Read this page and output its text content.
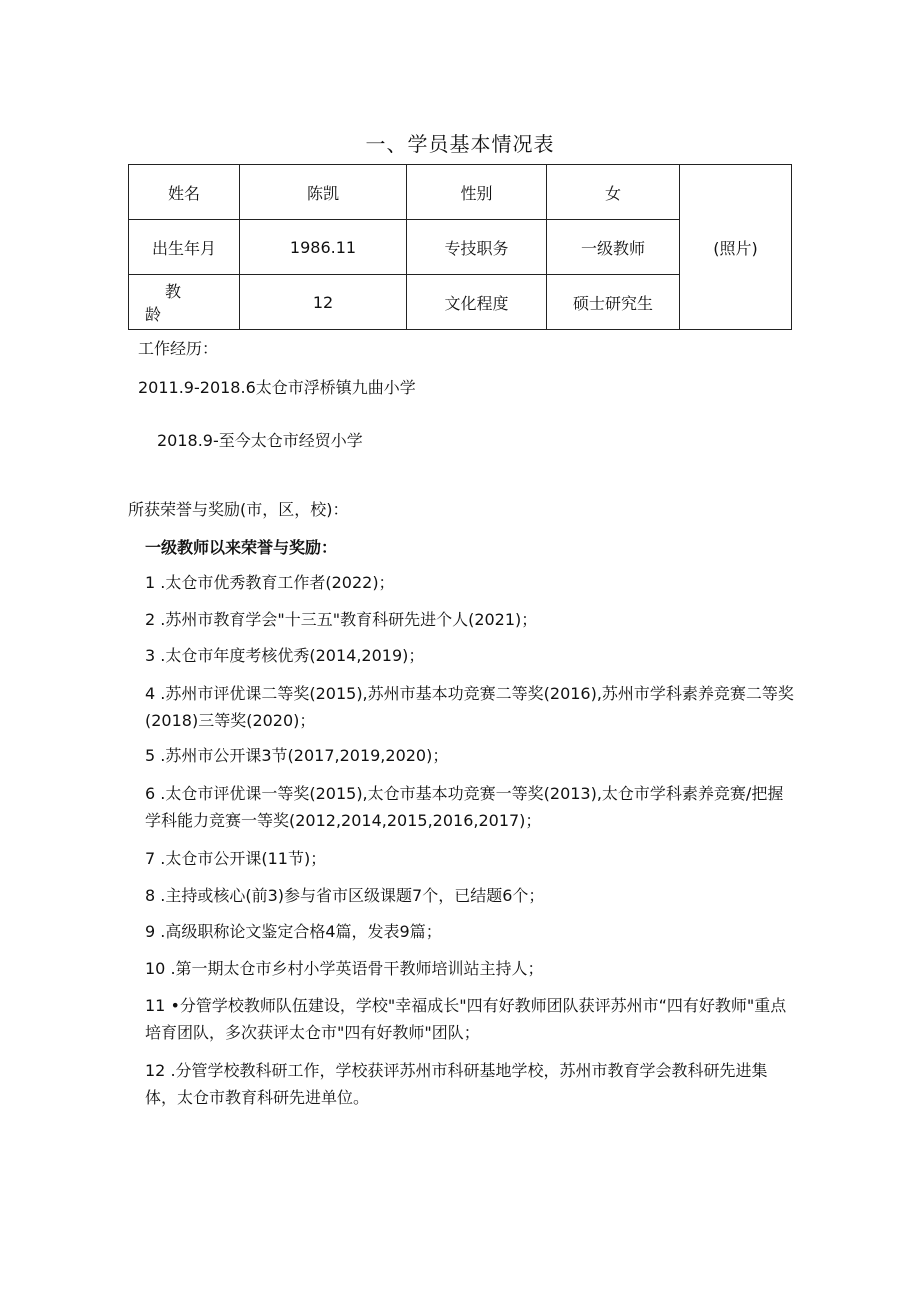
一、学员基本情况表
姓名	陈凯	性别	女	(照片)
出生年月	1986.11	专技职务	一级教师	
教　　龄	12	文化程度	硕士研究生	
工作经历：
2011.9-2018.6太仓市浮桥镇九曲小学
2018.9-至今太仓市经贸小学
所获荣誉与奖励(市，区，校)：
一级教师以来荣誉与奖励：
1 .太仓市优秀教育工作者(2022)；
2 .苏州市教育学会"十三五"教育科研先进个人(2021)；
3 .太仓市年度考核优秀(2014,2019)；
4 .苏州市评优课二等奖(2015),苏州市基本功竞赛二等奖(2016),苏州市学科素养竞赛二等奖(2018)三等奖(2020)；
5 .苏州市公开课3节(2017,2019,2020)；
6 .太仓市评优课一等奖(2015),太仓市基本功竞赛一等奖(2013),太仓市学科素养竞赛/把握学科能力竞赛一等奖(2012,2014,2015,2016,2017)；
7 .太仓市公开课(11节)；
8 .主持或核心(前3)参与省市区级课题7个，已结题6个；
9 .高级职称论文鉴定合格4篇，发表9篇；
10 .第一期太仓市乡村小学英语骨干教师培训站主持人；
11 •分管学校教师队伍建设，学校"幸福成长"四有好教师团队获评苏州市“四有好教师"重点培育团队，多次获评太仓市"四有好教师"团队；
12 .分管学校教科研工作，学校获评苏州市科研基地学校，苏州市教育学会教科研先进集体，太仓市教育科研先进单位。
